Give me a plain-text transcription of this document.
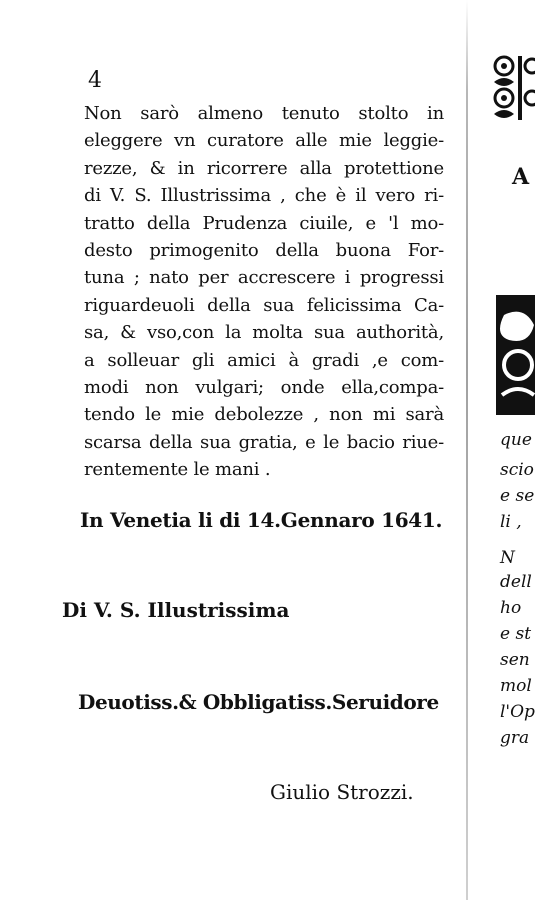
4
Non sarò almeno tenuto stolto in
eleggere vn curatore alle mie leggie-
rezze, & in ricorrere alla protettione
di V. S. Illustrissima , che è il vero ri-
tratto della Prudenza ciuile, e 'l mo-
desto primogenito della buona For-
tuna ; nato per accrescere i progressi
riguardeuoli della sua felicissima Ca-
sa, & vso,con la molta sua authorità,
a solleuar gli amici à gradi ,e com-
modi non vulgari; onde ella,compa-
tendo le mie debolezze , non mi sarà
scarsa della sua gratia, e le bacio riue-
rentemente le mani .
In Venetia li di 14.Gennaro 1641.
Di V. S. Illustrissima
Deuotiss.& Obbligatiss.Seruidore
Giulio Strozzi.
A
que
scio
e se
li ,
N
dell
ho
e st
sen
mol
l'Op
gra
